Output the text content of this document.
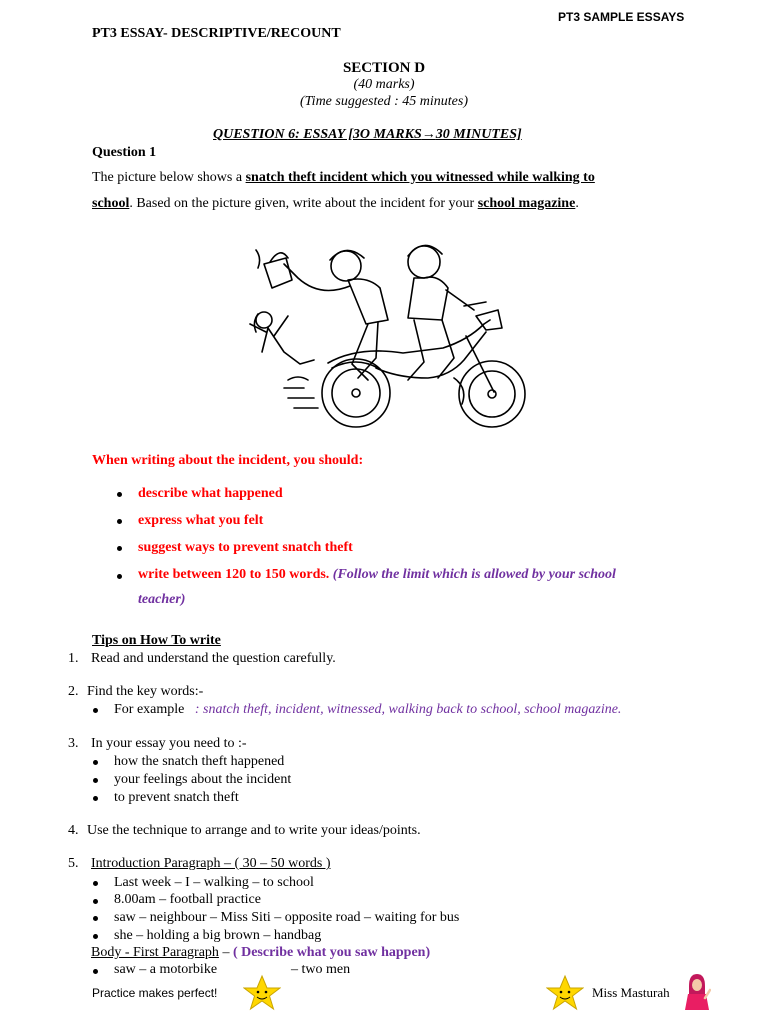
PT3 SAMPLE ESSAYS
PT3 ESSAY- DESCRIPTIVE/RECOUNT
SECTION D
(40 marks)
(Time suggested : 45 minutes)
QUESTION 6: ESSAY [3O MARKS→30 MINUTES]
Question 1
The picture below shows a snatch theft incident which you witnessed while walking to
school. Based on the picture given, write about the incident for your school magazine.
When writing about the incident, you should:
describe what happened
express what you felt
suggest ways to prevent snatch theft
write between 120 to 150 words. (Follow the limit which is allowed by your school
teacher)
Tips on How To write
1. Read and understand the question carefully.
2. Find the key words:-
For example : snatch theft, incident, witnessed, walking back to school, school magazine.
3. In your essay you need to :-
how the snatch theft happened
your feelings about the incident
to prevent snatch theft
4. Use the technique to arrange and to write your ideas/points.
5. Introduction Paragraph – ( 30 – 50 words )
Last week – I – walking – to school
8.00am – football practice
saw – neighbour – Miss Siti – opposite road – waiting for bus
she – holding a big brown – handbag
Body - First Paragraph – ( Describe what you saw happen)
saw – a motorbike	– two men
Practice makes perfect!	Miss Masturah
